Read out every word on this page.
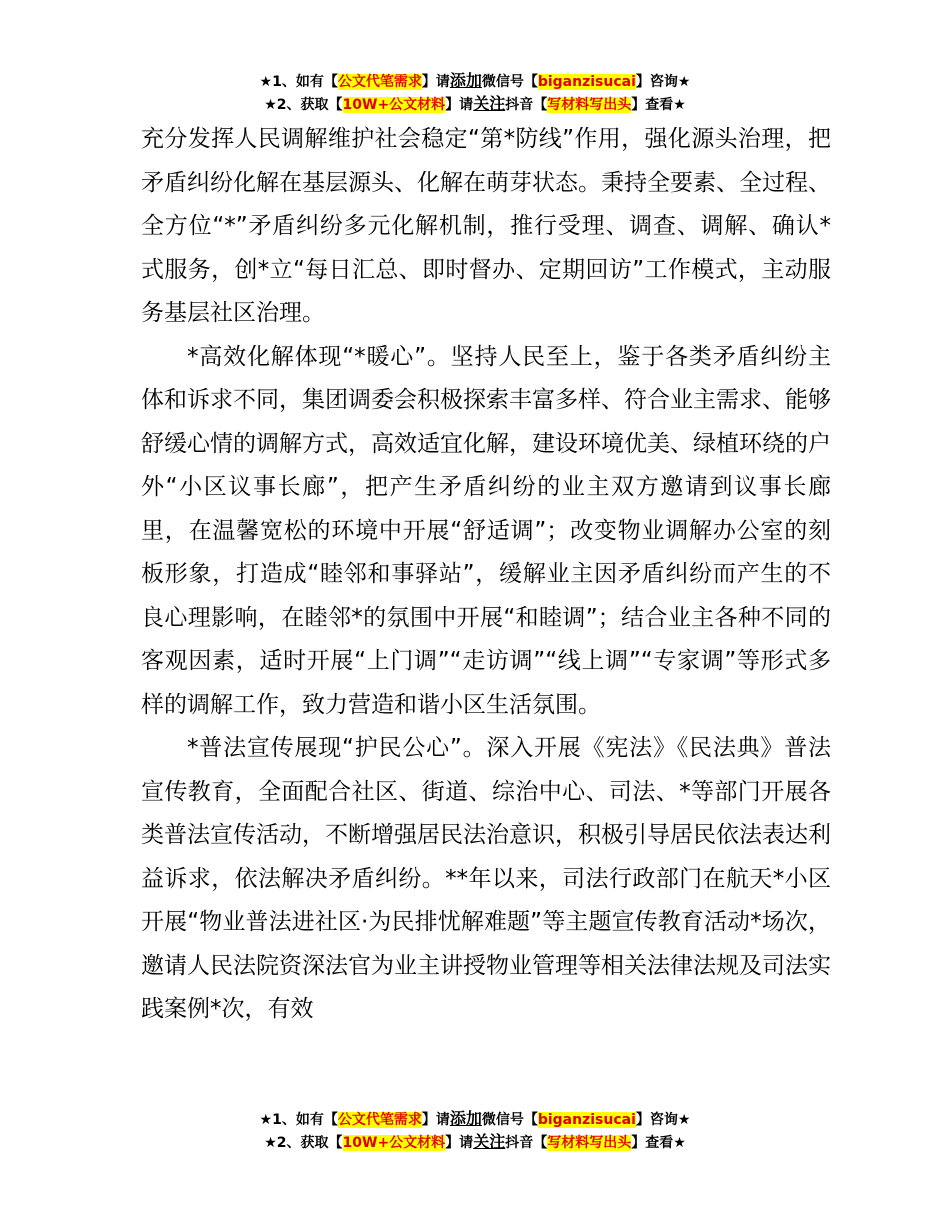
★1、如有【公文代笔需求】请添加微信号【biganzisucai】咨询★
★2、获取【10W+公文材料】请关注抖音【写材料写出头】查看★

充分发挥人民调解维护社会稳定“第*防线”作用，强化源头治理，把矛盾纠纷化解在基层源头、化解在萌芽状态。秉持全要素、全过程、全方位“*”矛盾纠纷多元化解机制，推行受理、调查、调解、确认*式服务，创*立“每日汇总、即时督办、定期回访”工作模式，主动服务基层社区治理。

*高效化解体现“*暖心”。坚持人民至上，鉴于各类矛盾纠纷主体和诉求不同，集团调委会积极探索丰富多样、符合业主需求、能够舒缓心情的调解方式，高效适宜化解，建设环境优美、绿植环绕的户外“小区议事长廊”，把产生矛盾纠纷的业主双方邀请到议事长廊里，在温馨宽松的环境中开展“舒适调”；改变物业调解办公室的刻板形象，打造成“睦邻和事驿站”，缓解业主因矛盾纠纷而产生的不良心理影响，在睦邻*的氛围中开展“和睦调”；结合业主各种不同的客观因素，适时开展“上门调”“走访调”“线上调”“专家调”等形式多样的调解工作，致力营造和谐小区生活氛围。

*普法宣传展现“护民公心”。深入开展《宪法》《民法典》普法宣传教育，全面配合社区、街道、综治中心、司法、*等部门开展各类普法宣传活动，不断增强居民法治意识，积极引导居民依法表达利益诉求，依法解决矛盾纠纷。**年以来，司法行政部门在航天*小区开展“物业普法进社区·为民排忧解难题”等主题宣传教育活动*场次，邀请人民法院资深法官为业主讲授物业管理等相关法律法规及司法实践案例*次，有效

★1、如有【公文代笔需求】请添加微信号【biganzisucai】咨询★
★2、获取【10W+公文材料】请关注抖音【写材料写出头】查看★
